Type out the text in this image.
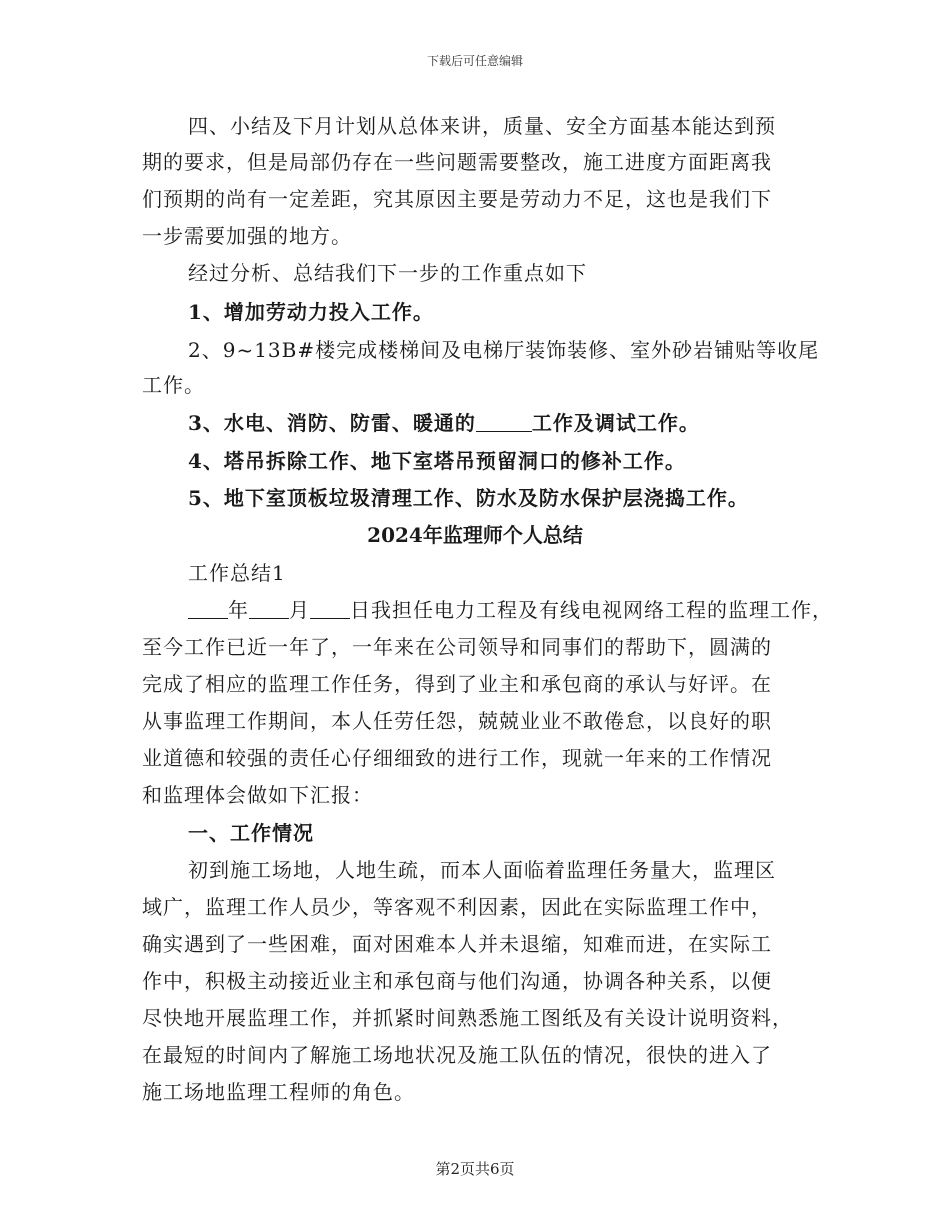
下载后可任意编辑
四、小结及下月计划从总体来讲，质量、安全方面基本能达到预
期的要求，但是局部仍存在一些问题需要整改，施工进度方面距离我
们预期的尚有一定差距，究其原因主要是劳动力不足，这也是我们下
一步需要加强的地方。
经过分析、总结我们下一步的工作重点如下
1、增加劳动力投入工作。
2、9~13B#楼完成楼梯间及电梯厅装饰装修、室外砂岩铺贴等收尾
工作。
3、水电、消防、防雷、暖通的	工作及调试工作。
4、塔吊拆除工作、地下室塔吊预留洞口的修补工作。
5、地下室顶板垃圾清理工作、防水及防水保护层浇捣工作。
2024年监理师个人总结
工作总结1
年 月 日我担任电力工程及有线电视网络工程的监理工作，
至今工作已近一年了，一年来在公司领导和同事们的帮助下，圆满的
完成了相应的监理工作任务，得到了业主和承包商的承认与好评。在
从事监理工作期间，本人任劳任怨，兢兢业业不敢倦怠，以良好的职
业道德和较强的责任心仔细细致的进行工作，现就一年来的工作情况
和监理体会做如下汇报：
一、工作情况
初到施工场地，人地生疏，而本人面临着监理任务量大，监理区
域广，监理工作人员少，等客观不利因素，因此在实际监理工作中，
确实遇到了一些困难，面对困难本人并未退缩，知难而进，在实际工
作中，积极主动接近业主和承包商与他们沟通，协调各种关系，以便
尽快地开展监理工作，并抓紧时间熟悉施工图纸及有关设计说明资料，
在最短的时间内了解施工场地状况及施工队伍的情况，很快的进入了
施工场地监理工程师的角色。
第2页共6页
